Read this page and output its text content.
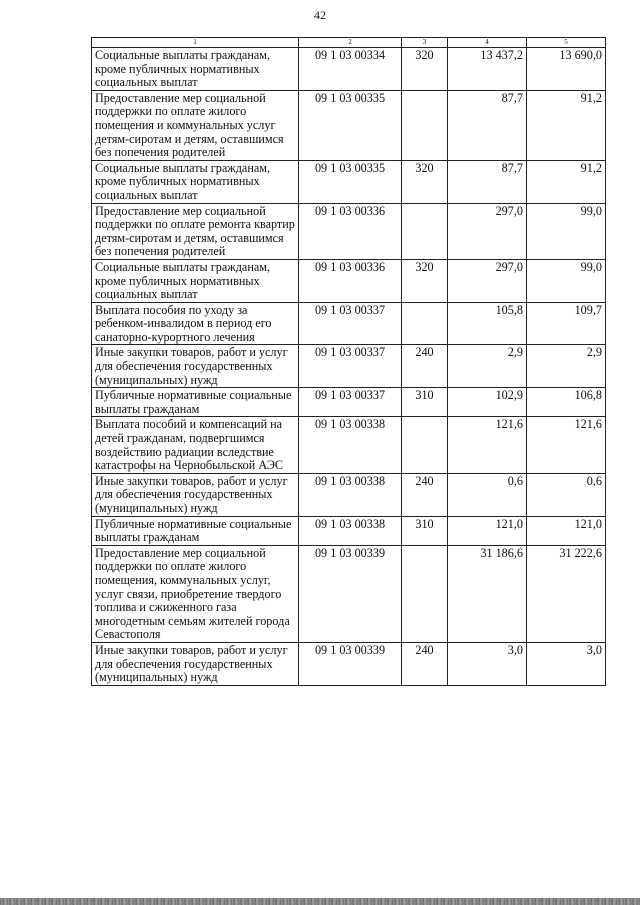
42
1	2	3	4	5
Социальные выплаты гражданам, кроме публичных нормативных социальных выплат	09 1 03 00334	320	13 437,2	13 690,0
Предоставление мер социальной поддержки по оплате жилого помещения и коммунальных услуг детям-сиротам и детям, оставшимся без попечения родителей	09 1 03 00335		87,7	91,2
Социальные выплаты гражданам, кроме публичных нормативных социальных выплат	09 1 03 00335	320	87,7	91,2
Предоставление мер социальной поддержки по оплате ремонта квартир детям-сиротам и детям, оставшимся без попечения родителей	09 1 03 00336		297,0	99,0
Социальные выплаты гражданам, кроме публичных нормативных социальных выплат	09 1 03 00336	320	297,0	99,0
Выплата пособия по уходу за ребенком-инвалидом в период его санаторно-курортного лечения	09 1 03 00337		105,8	109,7
Иные закупки товаров, работ и услуг для обеспечения государственных (муниципальных) нужд	09 1 03 00337	240	2,9	2,9
Публичные нормативные социальные выплаты гражданам	09 1 03 00337	310	102,9	106,8
Выплата пособий и компенсаций на детей гражданам, подвергшимся воздействию радиации вследствие катастрофы на Чернобыльской АЭС	09 1 03 00338		121,6	121,6
Иные закупки товаров, работ и услуг для обеспечения государственных (муниципальных) нужд	09 1 03 00338	240	0,6	0,6
Публичные нормативные социальные выплаты гражданам	09 1 03 00338	310	121,0	121,0
Предоставление мер социальной поддержки по оплате жилого помещения, коммунальных услуг, услуг связи, приобретение твердого топлива и сжиженного газа многодетным семьям жителей города Севастополя	09 1 03 00339		31 186,6	31 222,6
Иные закупки товаров, работ и услуг для обеспечения государственных (муниципальных) нужд	09 1 03 00339	240	3,0	3,0
